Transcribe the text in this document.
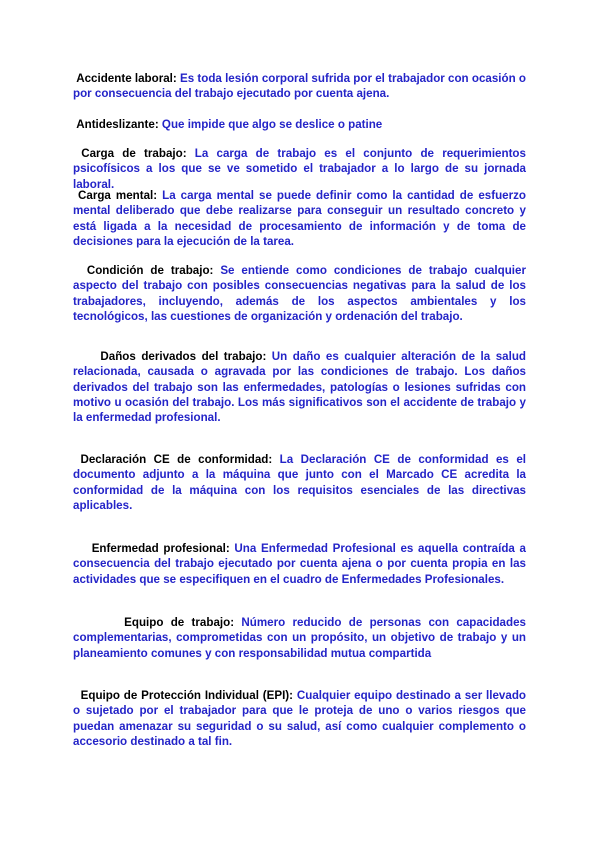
Accidente laboral: Es toda lesión corporal sufrida por el trabajador con ocasión o por consecuencia del trabajo ejecutado por cuenta ajena.

Antideslizante: Que impide que algo se deslice o patine

Carga de trabajo: La carga de trabajo es el conjunto de requerimientos psicofísicos a los que se ve sometido el trabajador a lo largo de su jornada laboral.

Carga mental: La carga mental se puede definir como la cantidad de esfuerzo mental deliberado que debe realizarse para conseguir un resultado concreto y está ligada a la necesidad de procesamiento de información y de toma de decisiones para la ejecución de la tarea.

Condición de trabajo: Se entiende como condiciones de trabajo cualquier aspecto del trabajo con posibles consecuencias negativas para la salud de los trabajadores, incluyendo, además de los aspectos ambientales y los tecnológicos, las cuestiones de organización y ordenación del trabajo.

Daños derivados del trabajo: Un daño es cualquier alteración de la salud relacionada, causada o agravada por las condiciones de trabajo. Los daños derivados del trabajo son las enfermedades, patologías o lesiones sufridas con motivo u ocasión del trabajo. Los más significativos son el accidente de trabajo y la enfermedad profesional.

Declaración CE de conformidad: La Declaración CE de conformidad es el documento adjunto a la máquina que junto con el Marcado CE acredita la conformidad de la máquina con los requisitos esenciales de las directivas aplicables.

Enfermedad profesional: Una Enfermedad Profesional es aquella contraída a consecuencia del trabajo ejecutado por cuenta ajena o por cuenta propia en las actividades que se especifiquen en el cuadro de Enfermedades Profesionales.

Equipo de trabajo: Número reducido de personas con capacidades complementarias, comprometidas con un propósito, un objetivo de trabajo y un planeamiento comunes y con responsabilidad mutua compartida

Equipo de Protección Individual (EPI): Cualquier equipo destinado a ser llevado o sujetado por el trabajador para que le proteja de uno o varios riesgos que puedan amenazar su seguridad o su salud, así como cualquier complemento o accesorio destinado a tal fin.
